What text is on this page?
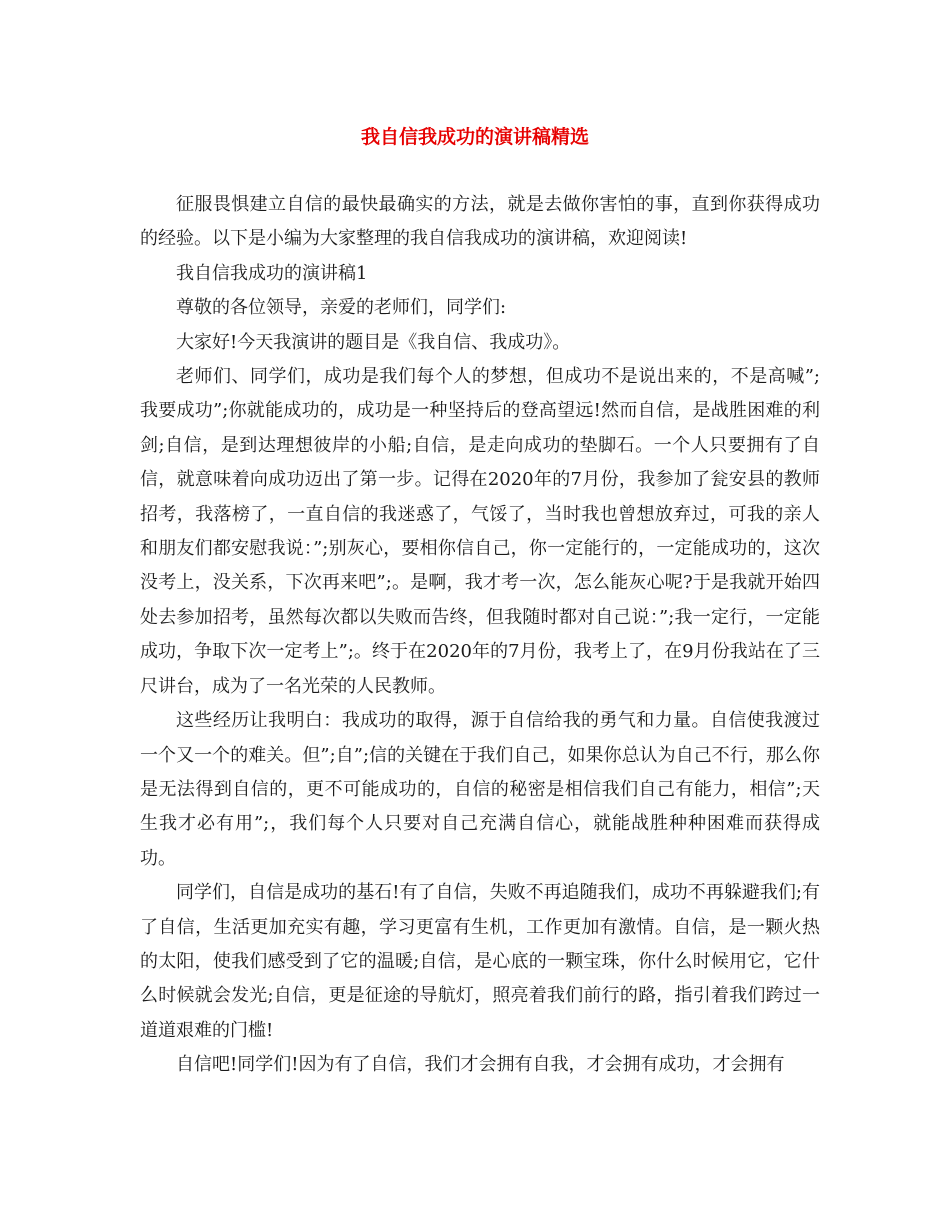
我自信我成功的演讲稿精选

征服畏惧建立自信的最快最确实的方法，就是去做你害怕的事，直到你获得成功的经验。以下是小编为大家整理的我自信我成功的演讲稿，欢迎阅读!

我自信我成功的演讲稿1

尊敬的各位领导，亲爱的老师们，同学们:

大家好!今天我演讲的题目是《我自信、我成功》。

老师们、同学们，成功是我们每个人的梦想，但成功不是说出来的，不是高喊”;我要成功”;你就能成功的，成功是一种坚持后的登高望远!然而自信，是战胜困难的利剑;自信，是到达理想彼岸的小船;自信，是走向成功的垫脚石。一个人只要拥有了自信，就意味着向成功迈出了第一步。记得在2020年的7月份，我参加了瓮安县的教师招考，我落榜了，一直自信的我迷惑了，气馁了，当时我也曾想放弃过，可我的亲人和朋友们都安慰我说：”;别灰心，要相你信自己，你一定能行的，一定能成功的，这次没考上，没关系，下次再来吧”;。是啊，我才考一次，怎么能灰心呢?于是我就开始四处去参加招考，虽然每次都以失败而告终，但我随时都对自己说：”;我一定行，一定能成功，争取下次一定考上”;。终于在2020年的7月份，我考上了，在9月份我站在了三尺讲台，成为了一名光荣的人民教师。

这些经历让我明白：我成功的取得，源于自信给我的勇气和力量。自信使我渡过一个又一个的难关。但”;自”;信的关键在于我们自己，如果你总认为自己不行，那么你是无法得到自信的，更不可能成功的，自信的秘密是相信我们自己有能力，相信”;天生我才必有用”;，我们每个人只要对自己充满自信心，就能战胜种种困难而获得成功。

同学们，自信是成功的基石!有了自信，失败不再追随我们，成功不再躲避我们;有了自信，生活更加充实有趣，学习更富有生机，工作更加有激情。自信，是一颗火热的太阳，使我们感受到了它的温暖;自信，是心底的一颗宝珠，你什么时候用它，它什么时候就会发光;自信，更是征途的导航灯，照亮着我们前行的路，指引着我们跨过一道道艰难的门槛!

自信吧!同学们!因为有了自信，我们才会拥有自我，才会拥有成功，才会拥有
